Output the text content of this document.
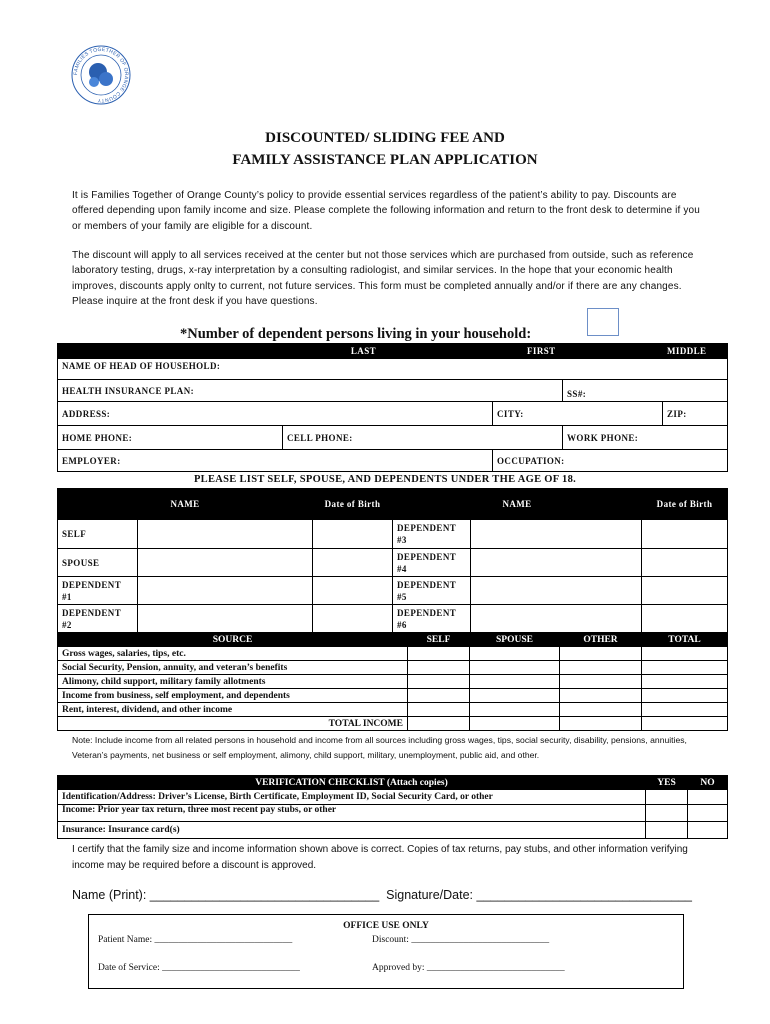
FAMILIES TOGETHER OF ORANGE COUNTY
DISCOUNTED/ SLIDING FEE AND
FAMILY ASSISTANCE PLAN APPLICATION
It is Families Together of Orange County’s policy to provide essential services regardless of the patient’s ability to pay. Discounts are offered depending upon family income and size. Please complete the following information and return to the front desk to determine if you or members of your family are eligible for a discount.
The discount will apply to all services received at the center but not those services which are purchased from outside, such as reference laboratory testing, drugs, x-ray interpretation by a consulting radiologist, and similar services. In the hope that your economic health improves, discounts apply onlty to current, not future services. This form must be completed annually and/or if there are any changes. Please inquire at the front desk if you have questions.
*Number of dependent persons living in your household:
LAST		FIRST		MIDDLE
NAME OF HEAD OF HOUSEHOLD:				
HEALTH INSURANCE PLAN:			SS#:	
ADDRESS:		CITY:		ZIP:
HOME PHONE:	CELL PHONE:		WORK PHONE:	
EMPLOYER:		OCCUPATION:		
PLEASE LIST SELF, SPOUSE, AND DEPENDENTS UNDER THE AGE OF 18.
NAME		Date of Birth	NAME		Date of Birth
SELF			DEPENDENT #3		
SPOUSE			DEPENDENT #4		
DEPENDENT #1			DEPENDENT #5		
DEPENDENT #2			DEPENDENT #6		
SOURCE	SELF	SPOUSE	OTHER	TOTAL
Gross wages, salaries, tips, etc.				
Social Security, Pension, annuity, and veteran’s benefits				
Alimony, child support, military family allotments				
Income from business, self employment, and dependents				
Rent, interest, dividend, and other income				
TOTAL INCOME				
Note: Include income from all related persons in household and income from all sources including gross wages, tips, social security, disability, pensions, annuities, Veteran’s payments, net business or self employment, alimony, child support, military, unemployment, public aid, and other.
VERIFICATION CHECKLIST (Attach copies)	YES	NO
Identification/Address: Driver’s License, Birth Certificate, Employment ID, Social Security Card, or other		
Income: Prior year tax return, three most recent pay stubs, or other		
Insurance: Insurance card(s)		
I certify that the family size and income information shown above is correct. Copies of tax returns, pay stubs, and other information verifying income may be required before a discount is approved.
Name (Print): _________________________________ Signature/Date: _______________________________
OFFICE USE ONLY
Patient Name: _____________________________	Discount: _____________________________
Date of Service: _____________________________	Approved by: _____________________________
